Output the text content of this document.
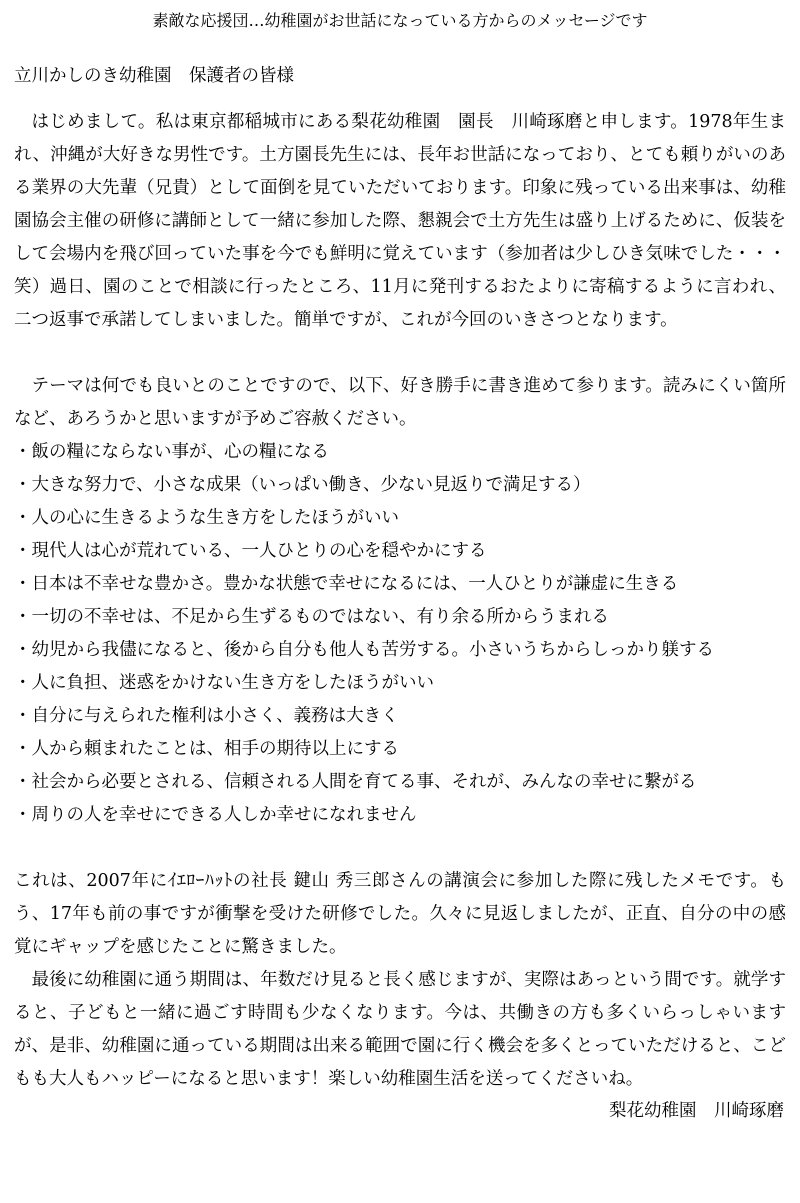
素敵な応援団…幼稚園がお世話になっている方からのメッセージです
立川かしのき幼稚園　保護者の皆様

はじめまして。私は東京都稲城市にある梨花幼稚園　園長　川崎琢磨と申します。1978年生まれ、沖縄が大好きな男性です。土方園長先生には、長年お世話になっており、とても頼りがいのある業界の大先輩（兄貴）として面倒を見ていただいております。印象に残っている出来事は、幼稚園協会主催の研修に講師として一緒に参加した際、懇親会で土方先生は盛り上げるために、仮装をして会場内を飛び回っていた事を今でも鮮明に覚えています（参加者は少しひき気味でした・・・笑）過日、園のことで相談に行ったところ、11月に発刊するおたよりに寄稿するように言われ、二つ返事で承諾してしまいました。簡単ですが、これが今回のいきさつとなります。

テーマは何でも良いとのことですので、以下、好き勝手に書き進めて参ります。読みにくい箇所など、あろうかと思いますが予めご容赦ください。

・飯の糧にならない事が、心の糧になる
・大きな努力で、小さな成果（いっぱい働き、少ない見返りで満足する）
・人の心に生きるような生き方をしたほうがいい
・現代人は心が荒れている、一人ひとりの心を穏やかにする
・日本は不幸せな豊かさ。豊かな状態で幸せになるには、一人ひとりが謙虚に生きる
・一切の不幸せは、不足から生ずるものではない、有り余る所からうまれる
・幼児から我儘になると、後から自分も他人も苦労する。小さいうちからしっかり躾する
・人に負担、迷惑をかけない生き方をしたほうがいい
・自分に与えられた権利は小さく、義務は大きく
・人から頼まれたことは、相手の期待以上にする
・社会から必要とされる、信頼される人間を育てる事、それが、みんなの幸せに繋がる
・周りの人を幸せにできる人しか幸せになれません

これは、2007年にｲｴﾛｰﾊｯﾄの社長 鍵山 秀三郎さんの講演会に参加した際に残したメモです。もう、17年も前の事ですが衝撃を受けた研修でした。久々に見返しましたが、正直、自分の中の感覚にギャップを感じたことに驚きました。

最後に幼稚園に通う期間は、年数だけ見ると長く感じますが、実際はあっという間です。就学すると、子どもと一緒に過ごす時間も少なくなります。今は、共働きの方も多くいらっしゃいますが、是非、幼稚園に通っている期間は出来る範囲で園に行く機会を多くとっていただけると、こどもも大人もハッピーになると思います！楽しい幼稚園生活を送ってくださいね。

梨花幼稚園　川崎琢磨
